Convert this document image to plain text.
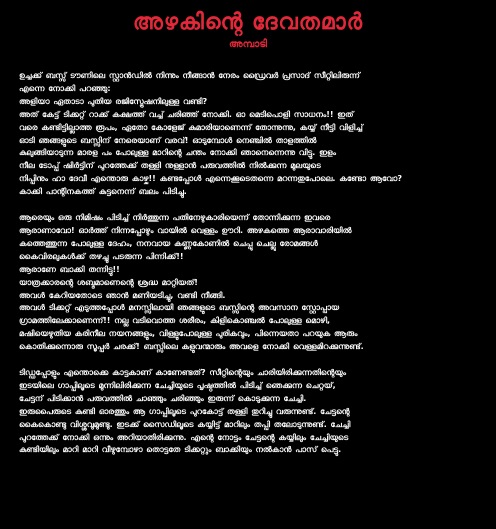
അഴകിന്റെ ദേവതമാർ
അമ്പാടി
ഉച്ചക്ക് ബസ്സ് ടൗണിലെ സ്റ്റാൻഡിൽ നിന്നും നീങ്ങാൻ നേരം ഡ്രൈവർ പ്രസാദ് സീറ്റിലിരുന്ന്
എന്നെ നോക്കി പറഞ്ഞു:
അളിയാ ഏതാടാ പുതിയ രജിസ്ട്രേഷനിലുള്ള വണ്ടി?
അത് കേട്ട് ടിക്കറ്റ് റാക്ക് കക്ഷത്ത് വച്ച് ചരിഞ്ഞ് നോക്കി. ഓ മെടിപൊളി സാധനം!! ഇത്
വരെ കണ്ടിട്ടില്ലാത്ത രൂപം, ഏതോ കോളേജ് കുമാരിയാണെന്ന് തോന്നുന്നു, കയ്യ് നീട്ടി വിളിച്ച്
ഓടി ഞങ്ങളുടെ ബസ്സിന് നേരെയാണ് വരവ്! ഓടുമ്പോൾ നെഞ്ചിൽ താളത്തിൽ
കുലുങ്ങിയാടുന്ന മാരള പം പോലുള്ള മാറിന്റെ ചന്തം നോക്കി ഞാനെന്നെന്നു വിട്ടു. ഇളം
നീല ടോപ്പ് ഷിർട്ടിന് പുറത്തേക്ക് തള്ളി നുള്ളാൻ പരുവത്തിൽ നിൽക്കുന്ന മുലയുടെ
നിപ്പിനും ഹാ ദേവീ എന്തൊരു കാഴ്ച!! കണ്ടപ്പോൾ എന്നെക്കൂടെതന്നെ മറന്നതുപോലെ. കണ്ടോ ആവോ?
കാക്കി പാന്റിനകത്ത് കുട്ടനെന്ന് ബലം പിടിച്ചു.
ആരെയും ഒരു നിമിഷം പിടിച്ച് നിർത്തുന്ന പതിനേഴുകാരിയെന്ന് തോന്നിക്കുന്ന ഇവരെ
ആരാണാവോ! ഓർത്ത് നിന്നപ്പോഴും വായിൽ വെള്ളം ഊറി. അഴകത്തെ ആരാവാരിയിൽ
കത്തെത്തുന്ന പോലുള്ള ദേഹം, നനവായ കണ്ണകോണിൽ ചെപ്പു ചെല്ലു രോമങ്ങൾ
കൈവിരലുകൾക്ക് തഴച്ചു പടരുന്ന പിന്നിക്ക്!!
ആരാണേ ബാക്കി തന്നിട്ടു!!
യാത്രക്കാരന്റെ ശബ്ദമാണെന്റെ ശ്രദ്ധ മാറ്റിയത്!
അവൾ കേറിയതോടെ ഞാൻ മണിയടിച്ചു, വണ്ടി നീങ്ങി.
അവൾ ടിക്കറ്റ് എടുത്തപ്പോൾ മനസ്സിലായി ഞങ്ങളുടെ ബസ്സിന്റെ അവസാന സ്റ്റോപ്പായ
ഗ്രാമത്തിലേക്കാണെന്ന്!! നല്ല വടിവൊത്ത ശരീരം, കിളികൊഞ്ചൽ പോലുള്ള മൊഴി,
മഷിയെഴുതിയ കരിനീല നയനങ്ങളും, വിള്ളുപോലുള്ള പുരികവും, പിന്നെയതാ പറയുക ആരും
കൊതിക്കുന്നൊരു സൂപ്പർ ചരക്ക്! ബസ്സിലെ കളുവന്മാരും അവളെ നോക്കി വെള്ളമിറക്കുന്നുണ്ട്.
ടിഡ്ഡപ്പോളും എന്തൊക്കെ കാട്ടകാണ് കാണേണ്ടത്? സീറ്റിന്റെയും ചാരിയിരിക്കുന്നതിന്റെയും
ഇടയിലെ ഗാപ്പിലൂടെ മുന്നിലിരിക്കുന്ന ചേച്ചിയുടെ പൃഷ്ഠത്തിൽ പിടിച്ച് ഞെക്കുന്ന ചെറ്റയ്,
ചേട്ടന് പിടിക്കാൻ പരുവത്തിൽ ചാഞ്ഞും ചരിഞ്ഞും ഇരുന്ന് കൊടുക്കുന്ന ചേച്ചി.
ഇരുപൈരുടെ കുണ്ടി ഓരത്തും ആ ഗാപ്പിലൂടെ പുറകോട്ട് തള്ളി തുറിച്ചു വരുന്നുണ്ട്. ചേട്ടന്റെ
കൈകൊണ്ടു വിശ്ശവുമുണ്ടു. ഇടക്ക് സൈഡിലൂടെ കയ്യിട്ട് മാറിലും തപ്പി തലോടുന്നുണ്ട്. ചേച്ചി
പുറത്തേക്ക് നോക്കി ഒന്നും അറിയാതിരിക്കുന്നു. എന്റെ നോട്ടം ചേട്ടന്റെ കയ്യിലും ചേച്ചിയുടെ
കുണ്ടിയിലും മാറി മാറി വീഴുമ്പോഴാ തൊട്ടതേ ടിക്കറ്റും ബാക്കിയും നൽകാൻ പാസ് പെട്ടു.
